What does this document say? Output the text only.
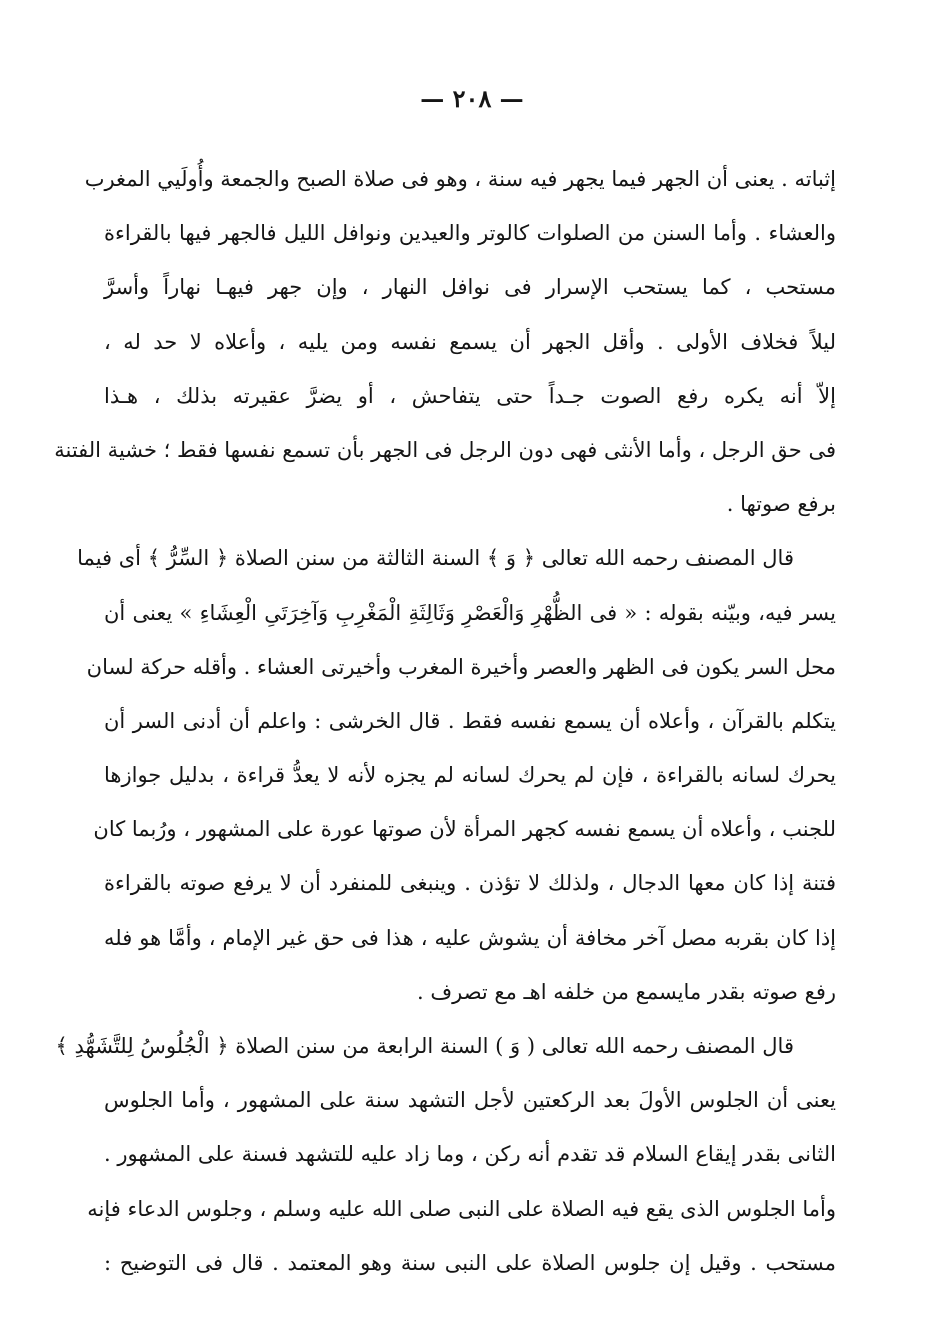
— ٢٠٨ —
إثباته . يعنى أن الجهر فيما يجهر فيه سنة ، وهو فى صلاة الصبح والجمعة وأُولَيي المغرب
والعشاء . وأما السنن من الصلوات كالوتر والعيدين ونوافل الليل فالجهر فيها بالقراءة
مستحب ، كما يستحب الإسرار فى نوافل النهار ، وإن جهر فيهـا نهاراً وأسرَّ
ليلاً فخلاف الأولى . وأقل الجهر أن يسمع نفسه ومن يليه ، وأعلاه لا حد له ،
إلاّ أنه يكره رفع الصوت جـداً حتى يتفاحش ، أو يضرَّ عقيرته بذلك ، هـذا
فى حق الرجل ، وأما الأنثى فهى دون الرجل فى الجهر بأن تسمع نفسها فقط ؛ خشية الفتنة
برفع صوتها .
قال المصنف رحمه الله تعالى ﴿ وَ ﴾ السنة الثالثة من سنن الصلاة ﴿ السِّرُّ ﴾ أى فيما
يسر فيه، وبيّنه بقوله : « فى الظُّهْرِ وَالْعَصْرِ وَثَالِثَةِ الْمَغْرِبِ وَآخِرَتَىِ الْعِشَاءِ » يعنى أن
محل السر يكون فى الظهر والعصر وأخيرة المغرب وأخيرتى العشاء . وأقله حركة لسان
يتكلم بالقرآن ، وأعلاه أن يسمع نفسه فقط . قال الخرشى : واعلم أن أدنى السر أن
يحرك لسانه بالقراءة ، فإن لم يحرك لسانه لم يجزه لأنه لا يعدُّ قراءة ، بدليل جوازها
للجنب ، وأعلاه أن يسمع نفسه كجهر المرأة لأن صوتها عورة على المشهور ، ورُبما كان
فتنة إذا كان معها الدجال ، ولذلك لا تؤذن . وينبغى للمنفرد أن لا يرفع صوته بالقراءة
إذا كان بقربه مصل آخر مخافة أن يشوش عليه ، هذا فى حق غير الإمام ، وأمَّا هو فله
رفع صوته بقدر مايسمع من خلفه اهـ مع تصرف .
قال المصنف رحمه الله تعالى ( وَ ) السنة الرابعة من سنن الصلاة ﴿ الْجُلُوسُ لِلتَّشَهُّدِ ﴾
يعنى أن الجلوس الأولَ بعد الركعتين لأجل التشهد سنة على المشهور ، وأما الجلوس
الثانى بقدر إيقاع السلام قد تقدم أنه ركن ، وما زاد عليه للتشهد فسنة على المشهور .
وأما الجلوس الذى يقع فيه الصلاة على النبى صلى الله عليه وسلم ، وجلوس الدعاء فإنه
مستحب . وقيل إن جلوس الصلاة على النبى سنة وهو المعتمد . قال فى التوضيح :
